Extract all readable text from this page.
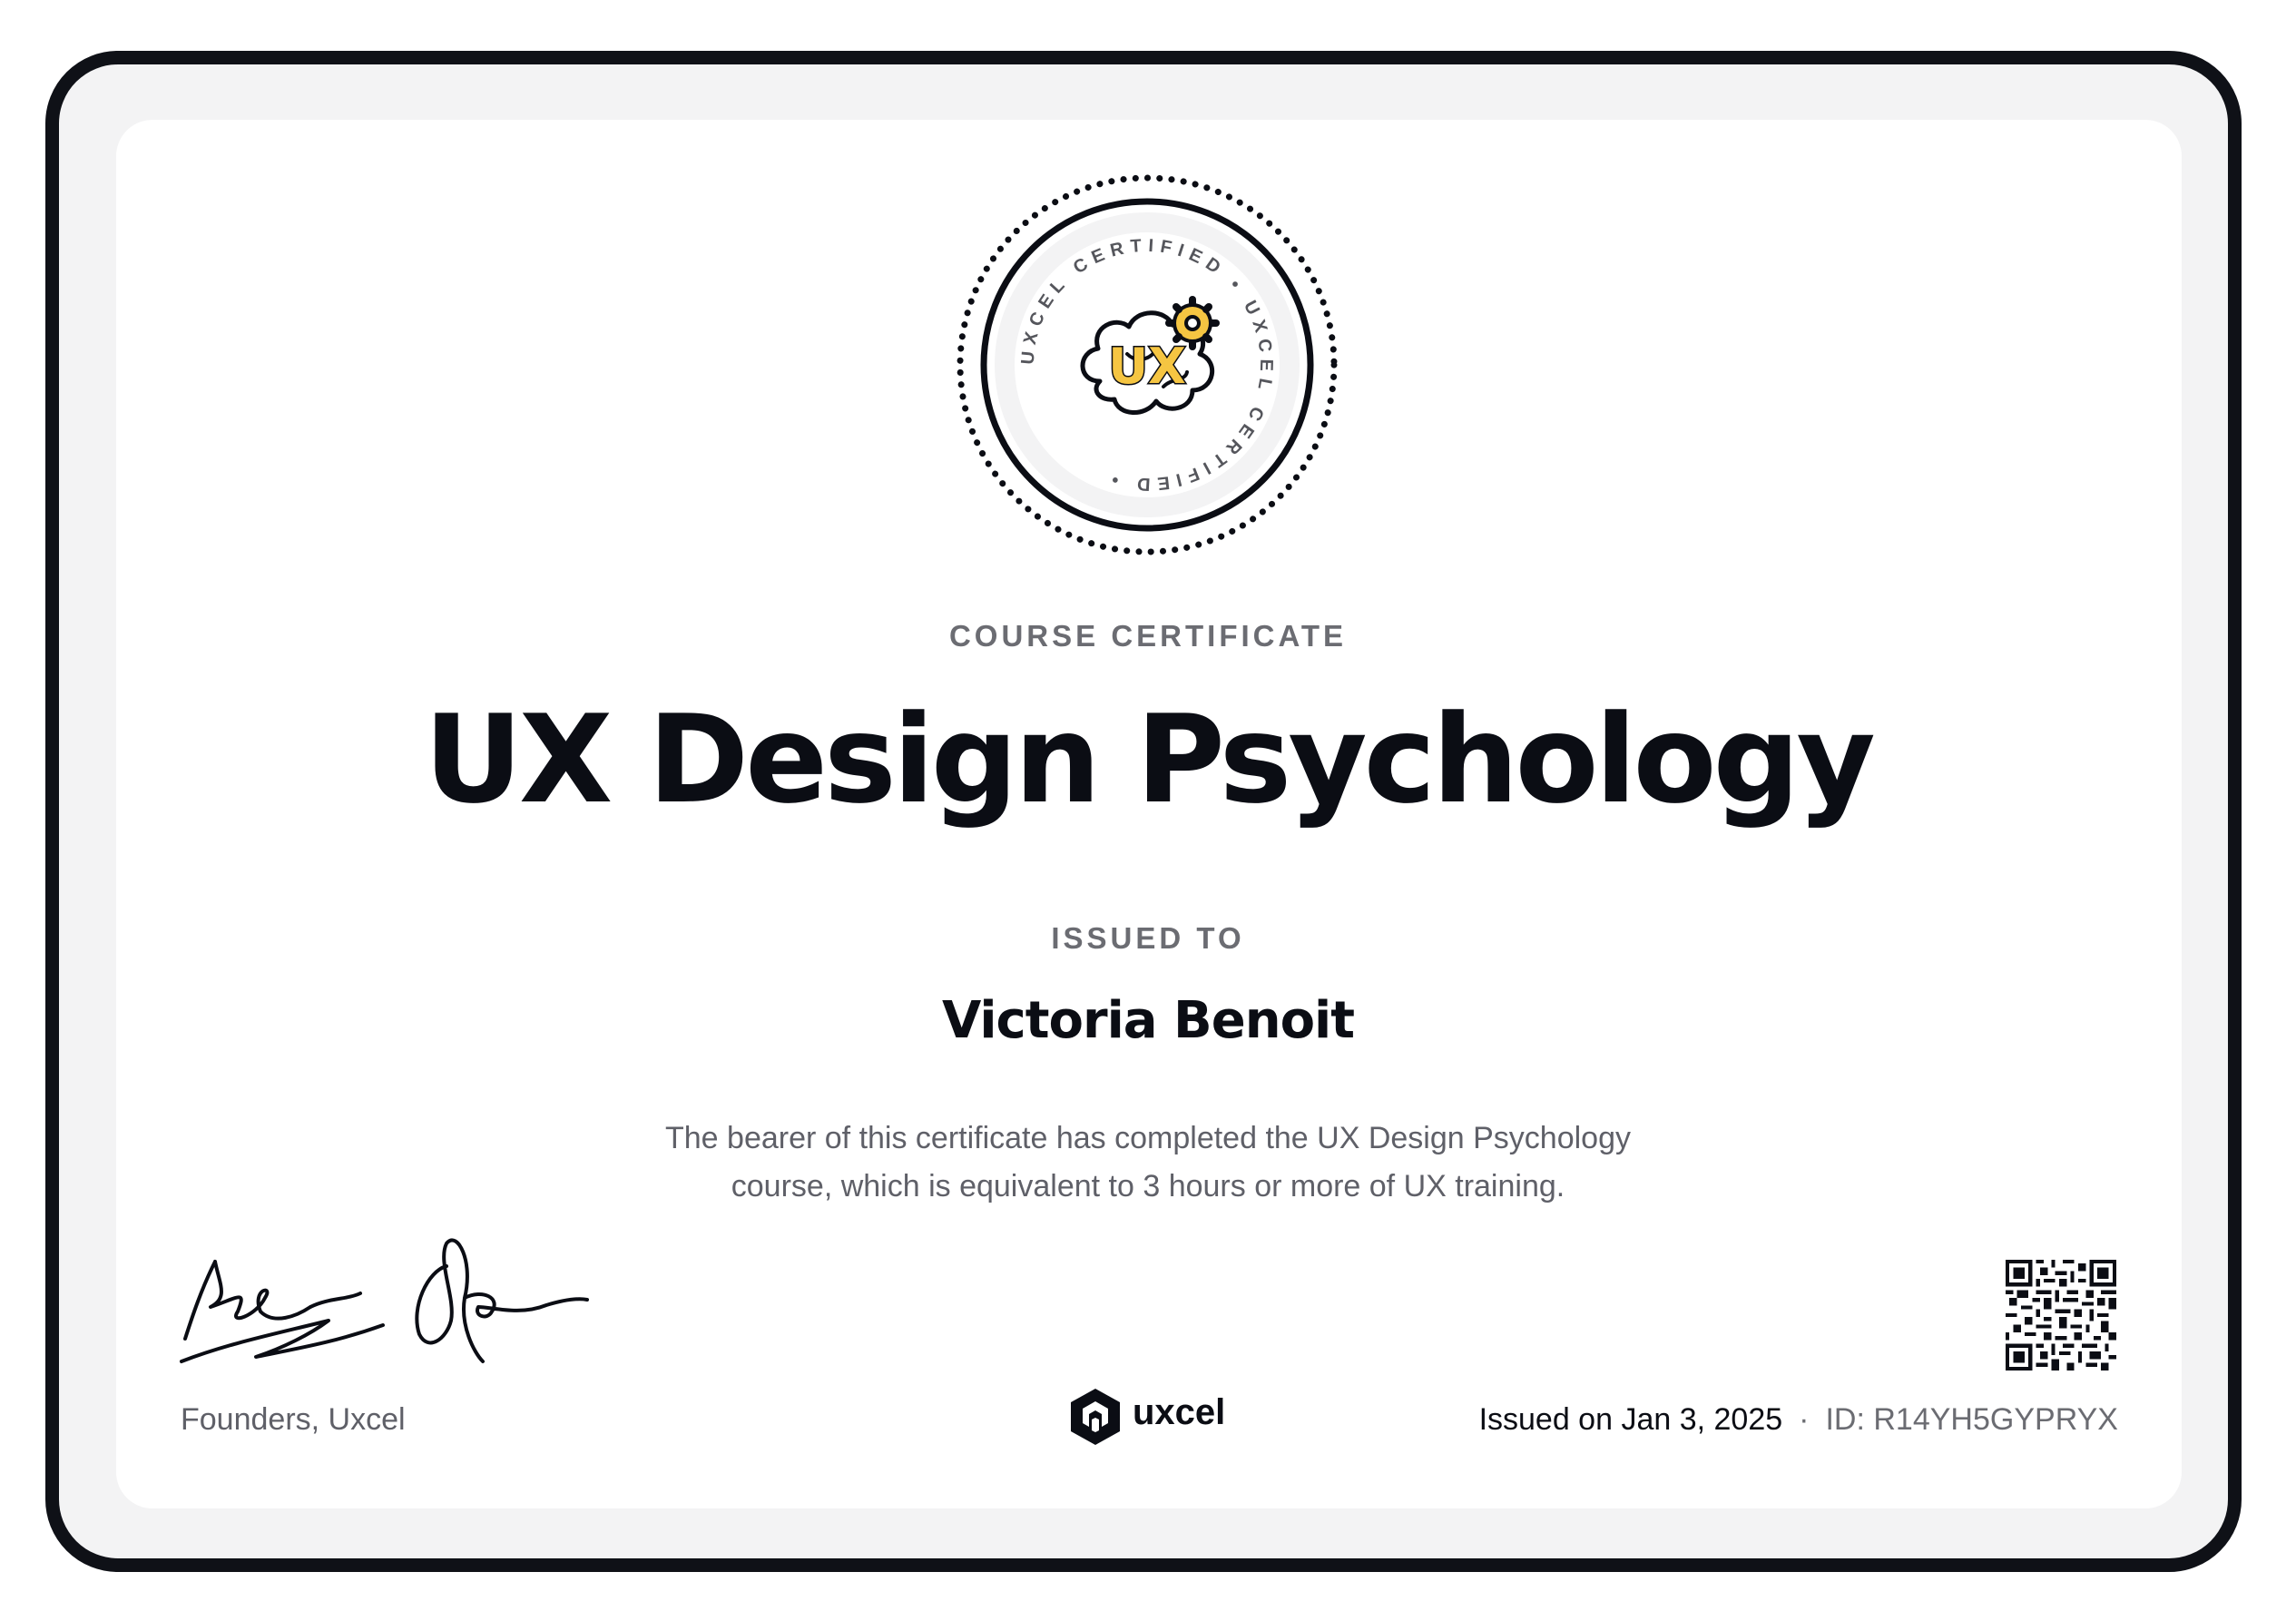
UXCEL CERTIFIED • UXCEL CERTIFIED •
UX
COURSE CERTIFICATE
UX Design Psychology
ISSUED TO
Victoria Benoit
The bearer of this certificate has completed the UX Design Psychology
course, which is equivalent to 3 hours or more of UX training.
Founders, Uxcel	uxcel	Issued on Jan 3, 2025 · ID: R14YH5GYPRYX
